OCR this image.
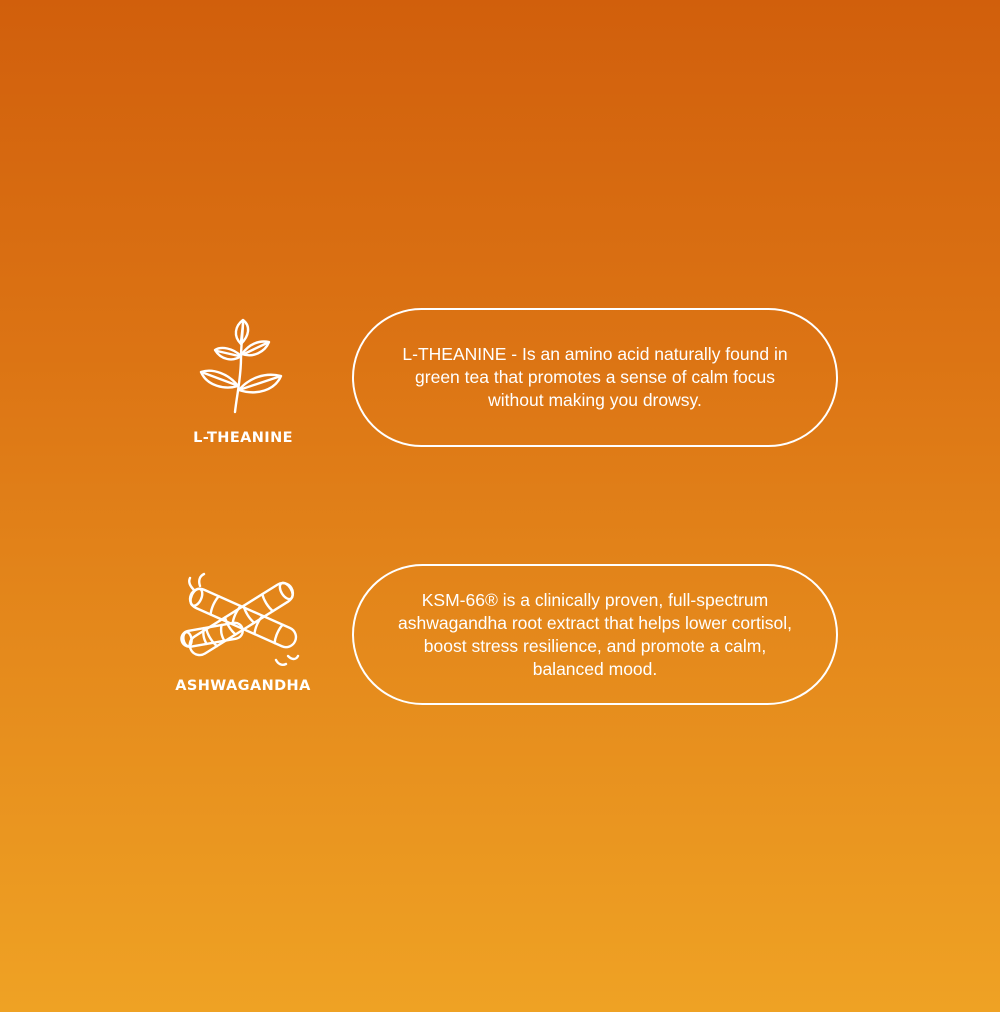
L-THEANINE
L-THEANINE - Is an amino acid naturally found in green tea that promotes a sense of calm focus without making you drowsy.
ASHWAGANDHA
KSM-66® is a clinically proven, full-spectrum ashwagandha root extract that helps lower cortisol, boost stress resilience, and promote a calm, balanced mood.
